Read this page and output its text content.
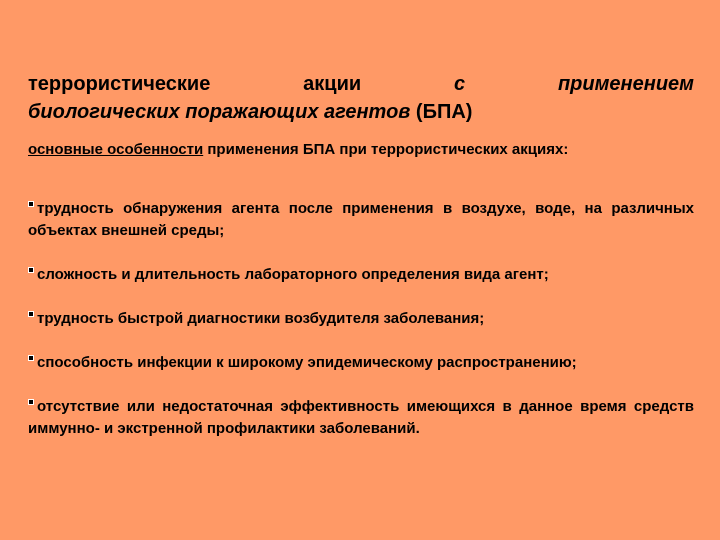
террористические	акции	с	применением
биологических поражающих агентов (БПА)
основные особенности применения БПА при террористических акциях:
трудность обнаружения агента после применения в воздухе, воде, на различных объектах внешней среды;
сложность и длительность лабораторного определения вида агент;
трудность быстрой диагностики возбудителя заболевания;
способность инфекции к широкому эпидемическому распространению;
отсутствие или недостаточная эффективность имеющихся в данное время средств иммунно- и экстренной профилактики заболеваний.
